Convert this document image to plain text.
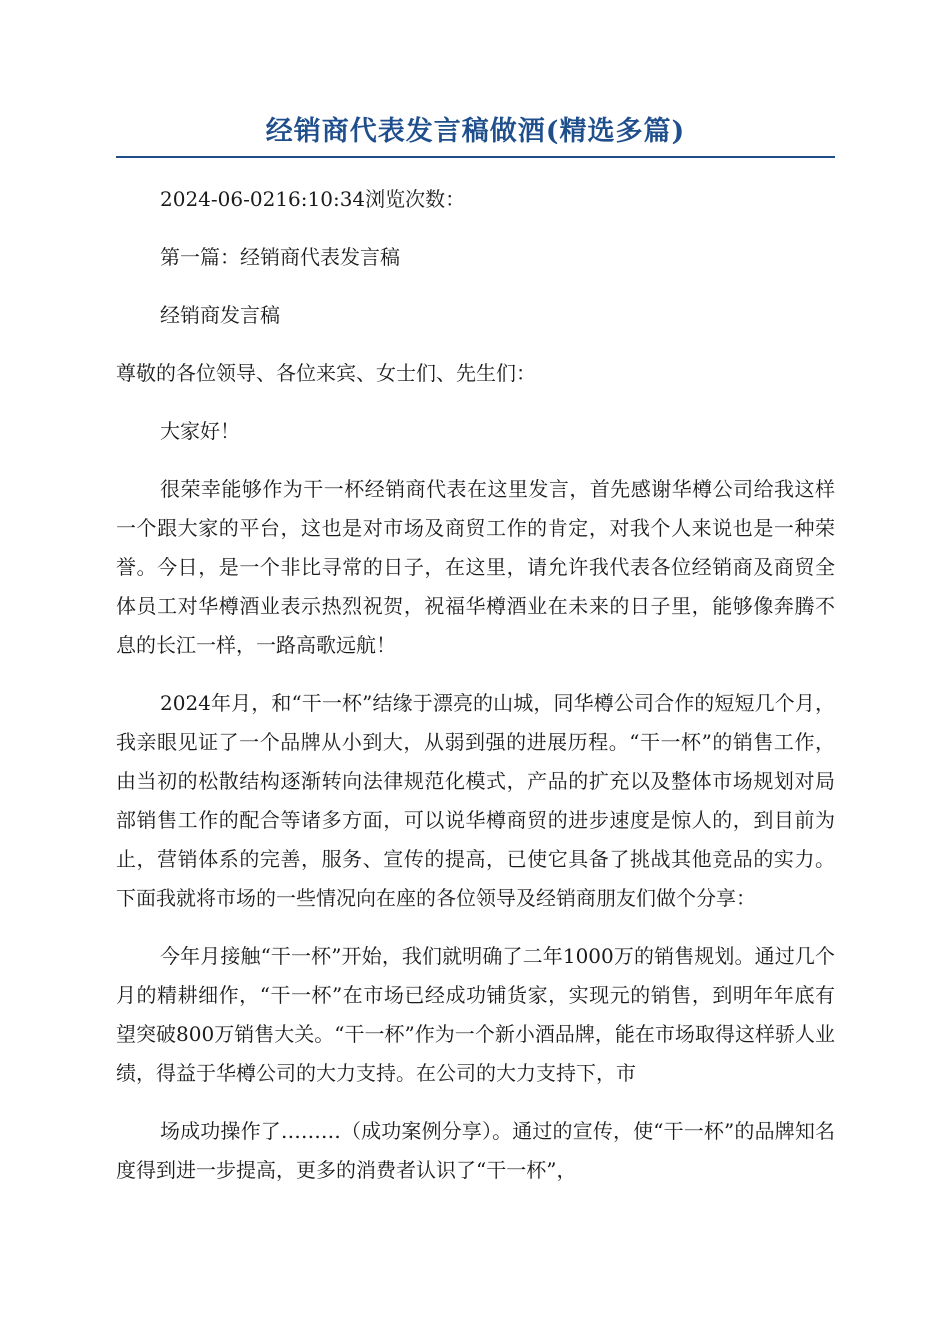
经销商代表发言稿做酒(精选多篇)

2024-06-0216:10:34浏览次数：

第一篇：经销商代表发言稿

经销商发言稿

尊敬的各位领导、各位来宾、女士们、先生们：

大家好！

很荣幸能够作为干一杯经销商代表在这里发言，首先感谢华樽公司给我这样一个跟大家的平台，这也是对市场及商贸工作的肯定，对我个人来说也是一种荣誉。今日，是一个非比寻常的日子，在这里，请允许我代表各位经销商及商贸全体员工对华樽酒业表示热烈祝贺，祝福华樽酒业在未来的日子里，能够像奔腾不息的长江一样，一路高歌远航！

2024年月，和“干一杯”结缘于漂亮的山城，同华樽公司合作的短短几个月，我亲眼见证了一个品牌从小到大，从弱到强的进展历程。“干一杯”的销售工作，由当初的松散结构逐渐转向法律规范化模式，产品的扩充以及整体市场规划对局部销售工作的配合等诸多方面，可以说华樽商贸的进步速度是惊人的，到目前为止，营销体系的完善，服务、宣传的提高，已使它具备了挑战其他竞品的实力。下面我就将市场的一些情况向在座的各位领导及经销商朋友们做个分享：

今年月接触“干一杯”开始，我们就明确了二年1000万的销售规划。通过几个月的精耕细作，“干一杯”在市场已经成功铺货家，实现元的销售，到明年年底有望突破800万销售大关。“干一杯”作为一个新小酒品牌，能在市场取得这样骄人业绩，得益于华樽公司的大力支持。在公司的大力支持下，市

场成功操作了………（成功案例分享）。通过的宣传，使“干一杯”的品牌知名度得到进一步提高，更多的消费者认识了“干一杯”，
